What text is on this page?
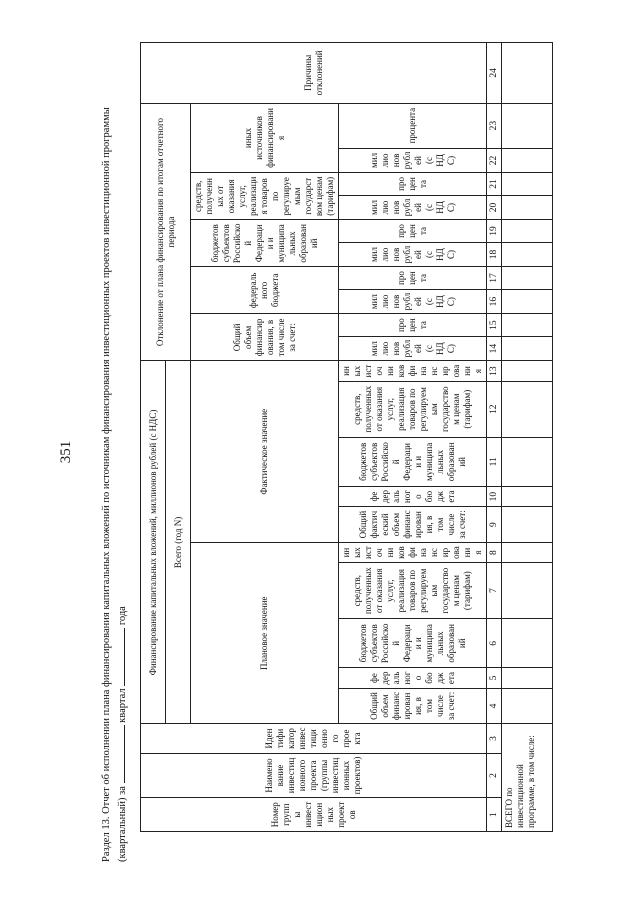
351	Раздел 13. Отчет об исполнении плана финансирования капитальных вложений по источникам финансирования инвестиционных проектов инвестиционной программы (квартальный) за  квартал  года
Номер группы инвестиционных проектов	Наименование инвестиционного проекта (группы инвестиционных проектов)	Идентификатор инвестиционного проекта	Финансирование капитальных вложений, миллионов рублей (с НДС)										Отклонение от плана финансирования по итогам отчетного периода										Причины отклонений
			Всего (год N)																				
			Плановое значение					Фактическое значение					Общий объем финансирования, в том числе за счет:		федерального бюджета		бюджетов субъектов Российской Федерации и муниципальных образований		средств, полученных от оказания услуг, реализация товаров по регулируемым государством ценам (тарифам)		иных источников финансирования		
			Общий объем финансирования, в том числе за счет:	федерального бюджета	бюджетов субъектов Российской Федерации и муниципальных образований	средств, полученных от оказания услуг, реализация товаров по регулируемым государством ценам (тарифам)	иных источников финансирования	Общий фактический объем финансирования, в том числе за счет:	федерального бюджета	бюджетов субъектов Российской Федерации и муниципальных образований	средств, полученных от оказания услуг, реализация товаров по регулируемым государством ценам (тарифам)	иных источников финансирования	миллионов рублей (с НДС)	процента	миллионов рублей (с НДС)	процента	миллионов рублей (с НДС)	процента	миллионов рублей (с НДС)	процента	миллионов рублей (с НДС)	процента	
1	2	3	4	5	6	7	8	9	10	11	12	13	14	15	16	17	18	19	20	21	22	23	24
ВСЕГО по инвестиционной программе, в том числе:																							
